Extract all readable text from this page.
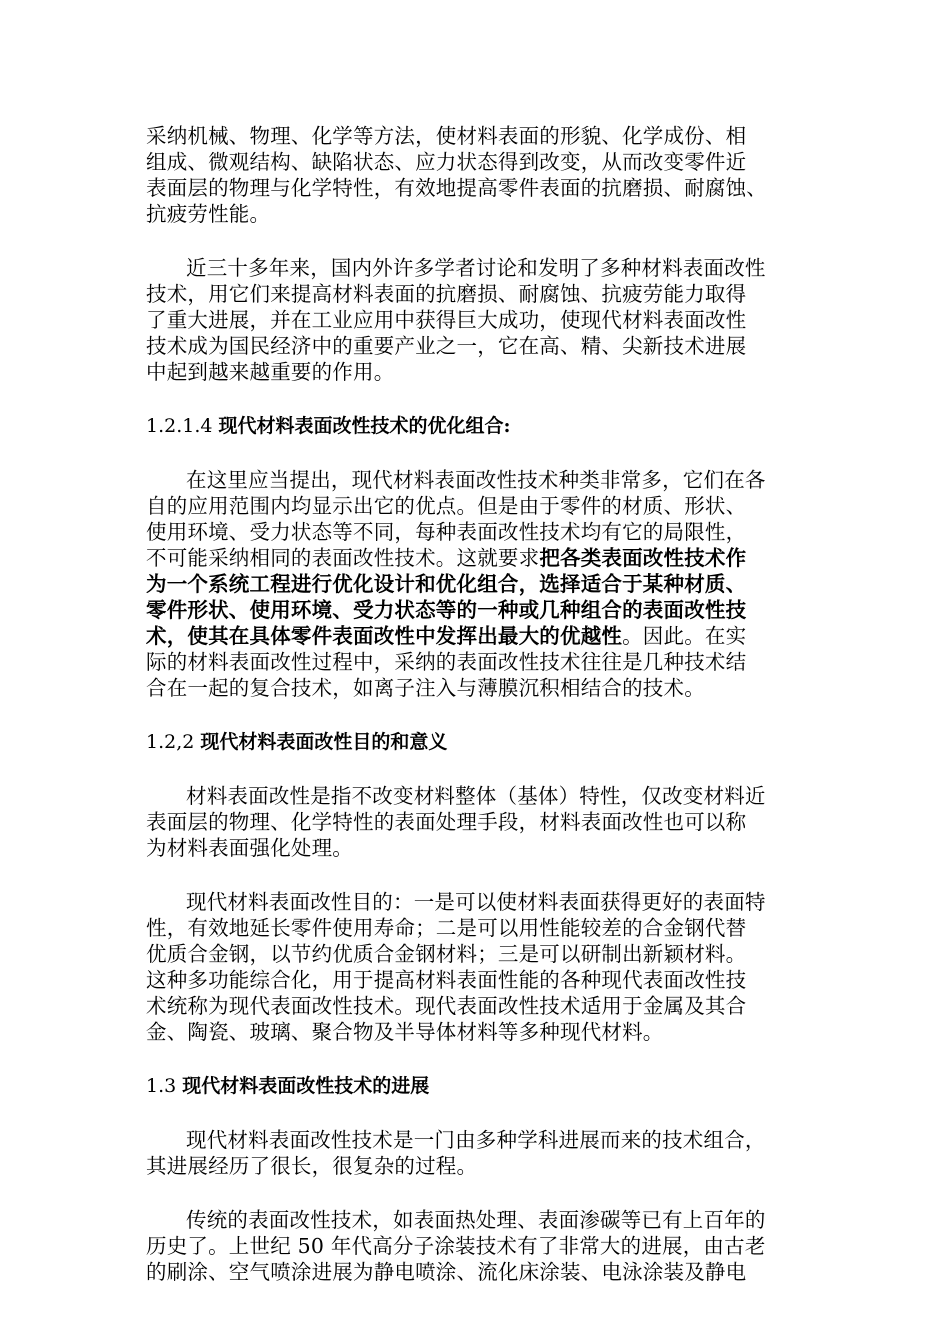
采纳机械、物理、化学等方法，使材料表面的形貌、化学成份、相
组成、微观结构、缺陷状态、应力状态得到改变，从而改变零件近
表面层的物理与化学特性，有效地提高零件表面的抗磨损、耐腐蚀、
抗疲劳性能。
近三十多年来，国内外许多学者讨论和发明了多种材料表面改性
技术，用它们来提高材料表面的抗磨损、耐腐蚀、抗疲劳能力取得
了重大进展，并在工业应用中获得巨大成功，使现代材料表面改性
技术成为国民经济中的重要产业之一，它在高、精、尖新技术进展
中起到越来越重要的作用。
1.2.1.4 现代材料表面改性技术的优化组合:
在这里应当提出，现代材料表面改性技术种类非常多，它们在各
自的应用范围内均显示出它的优点。但是由于零件的材质、形状、
使用环境、受力状态等不同，每种表面改性技术均有它的局限性，
不可能采纳相同的表面改性技术。这就要求把各类表面改性技术作
为一个系统工程进行优化设计和优化组合，选择适合于某种材质、
零件形状、使用环境、受力状态等的一种或几种组合的表面改性技
术，使其在具体零件表面改性中发挥出最大的优越性。因此。在实
际的材料表面改性过程中，采纳的表面改性技术往往是几种技术结
合在一起的复合技术，如离子注入与薄膜沉积相结合的技术。
1.2,2 现代材料表面改性目的和意义
材料表面改性是指不改变材料整体（基体）特性，仅改变材料近
表面层的物理、化学特性的表面处理手段，材料表面改性也可以称
为材料表面强化处理。
现代材料表面改性目的：一是可以使材料表面获得更好的表面特
性，有效地延长零件使用寿命；二是可以用性能较差的合金钢代替
优质合金钢，以节约优质合金钢材料；三是可以研制出新颖材料。
这种多功能综合化，用于提高材料表面性能的各种现代表面改性技
术统称为现代表面改性技术。现代表面改性技术适用于金属及其合
金、陶瓷、玻璃、聚合物及半导体材料等多种现代材料。
1.3 现代材料表面改性技术的进展
现代材料表面改性技术是一门由多种学科进展而来的技术组合，
其进展经历了很长，很复杂的过程。
传统的表面改性技术，如表面热处理、表面渗碳等已有上百年的
历史了。上世纪 50 年代高分子涂装技术有了非常大的进展，由古老
的刷涂、空气喷涂进展为静电喷涂、流化床涂装、电泳涂装及静电
